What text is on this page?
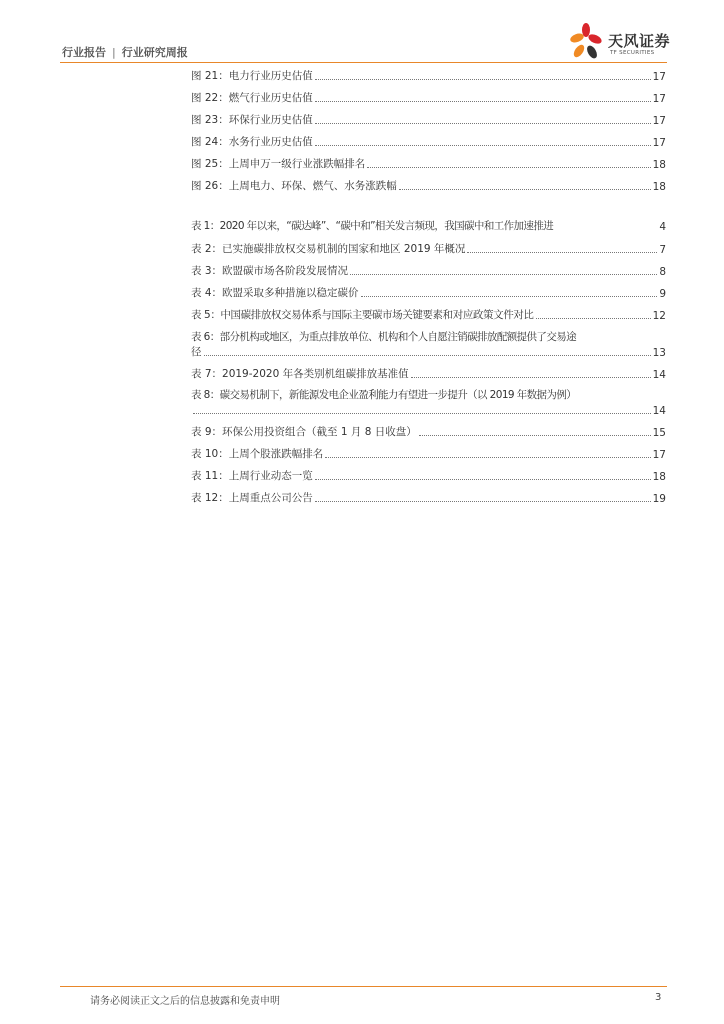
行业报告 | 行业研究周报
天风证券
TF SECURITIES
图 21：电力行业历史估值	17
图 22：燃气行业历史估值	17
图 23：环保行业历史估值	17
图 24：水务行业历史估值	17
图 25：上周申万一级行业涨跌幅排名	18
图 26：上周电力、环保、燃气、水务涨跌幅	18
表 1：2020 年以来，“碳达峰”、“碳中和”相关发言频现，我国碳中和工作加速推进	4
表 2：已实施碳排放权交易机制的国家和地区 2019 年概况	7
表 3：欧盟碳市场各阶段发展情况	8
表 4：欧盟采取多种措施以稳定碳价	9
表 5：中国碳排放权交易体系与国际主要碳市场关键要素和对应政策文件对比	12
表 6：部分机构或地区，为重点排放单位、机构和个人自愿注销碳排放配额提供了交易途
径	13
表 7：2019-2020 年各类别机组碳排放基准值	14
表 8：碳交易机制下，新能源发电企业盈利能力有望进一步提升（以 2019 年数据为例）
14
表 9：环保公用投资组合（截至 1 月 8 日收盘）	15
表 10：上周个股涨跌幅排名	17
表 11：上周行业动态一览	18
表 12：上周重点公司公告	19
请务必阅读正文之后的信息披露和免责申明	3
